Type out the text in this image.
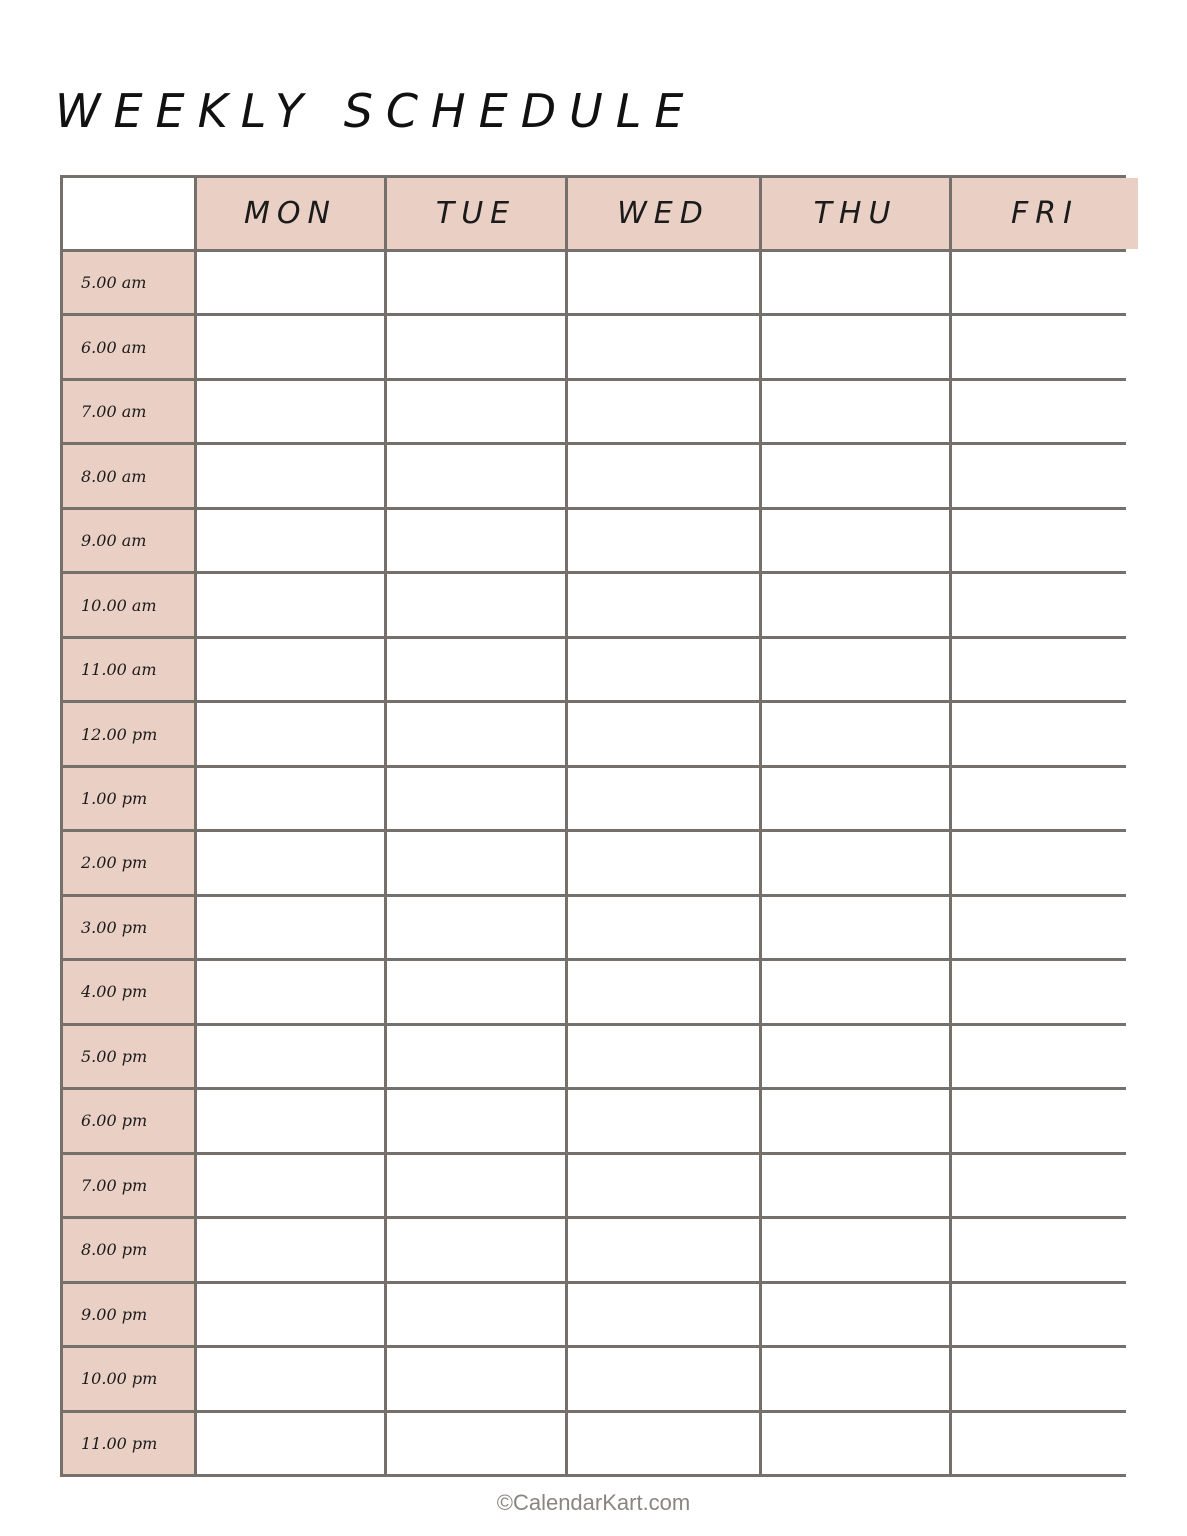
WEEKLY SCHEDULE
MON	TUE	WED	THU	FRI
5.00 am
6.00 am
7.00 am
8.00 am
9.00 am
10.00 am
11.00 am
12.00 pm
1.00 pm
2.00 pm
3.00 pm
4.00 pm
5.00 pm
6.00 pm
7.00 pm
8.00 pm
9.00 pm
10.00 pm
11.00 pm
©CalendarKart.com
